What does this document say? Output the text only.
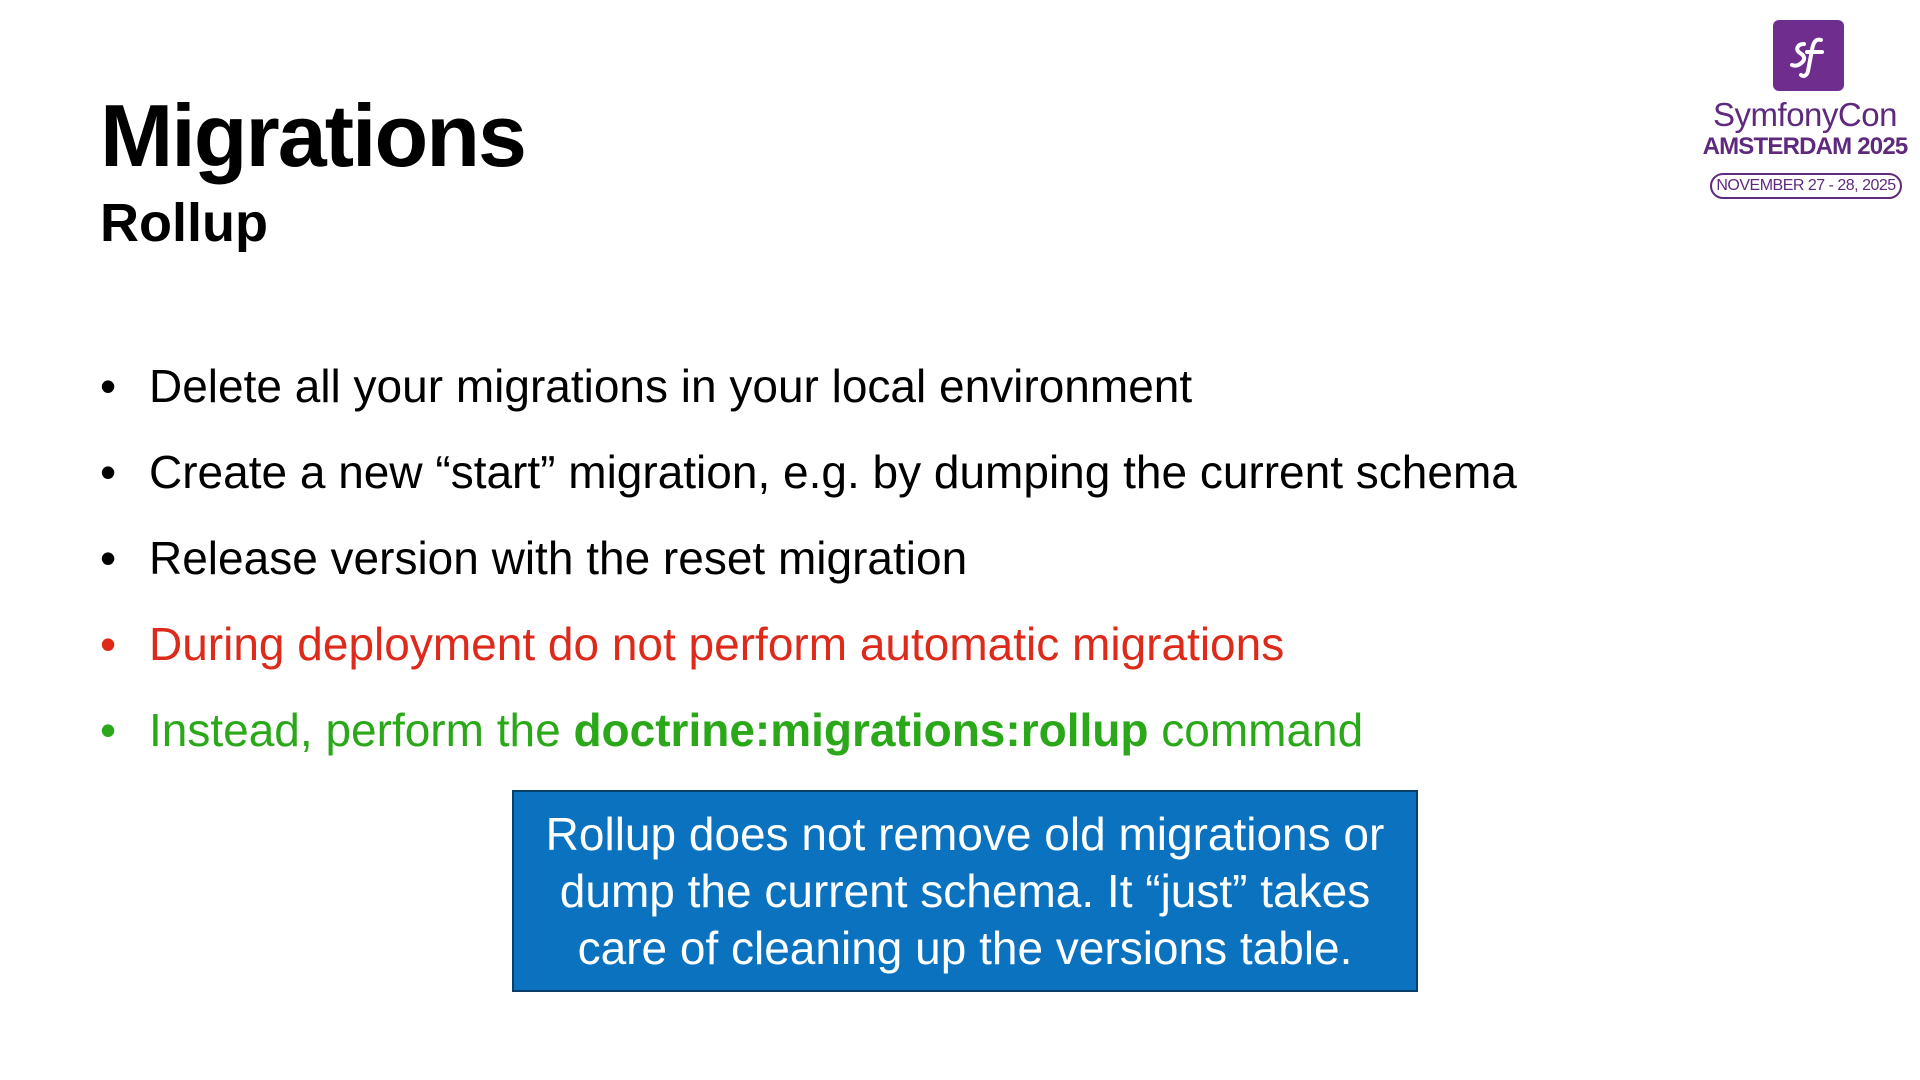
Migrations
Rollup
SymfonyCon
AMSTERDAM 2025
NOVEMBER 27 - 28, 2025
• Delete all your migrations in your local environment
• Create a new “start” migration, e.g. by dumping the current schema
• Release version with the reset migration
• During deployment do not perform automatic migrations
• Instead, perform the doctrine:migrations:rollup command
Rollup does not remove old migrations or
dump the current schema. It “just” takes
care of cleaning up the versions table.
